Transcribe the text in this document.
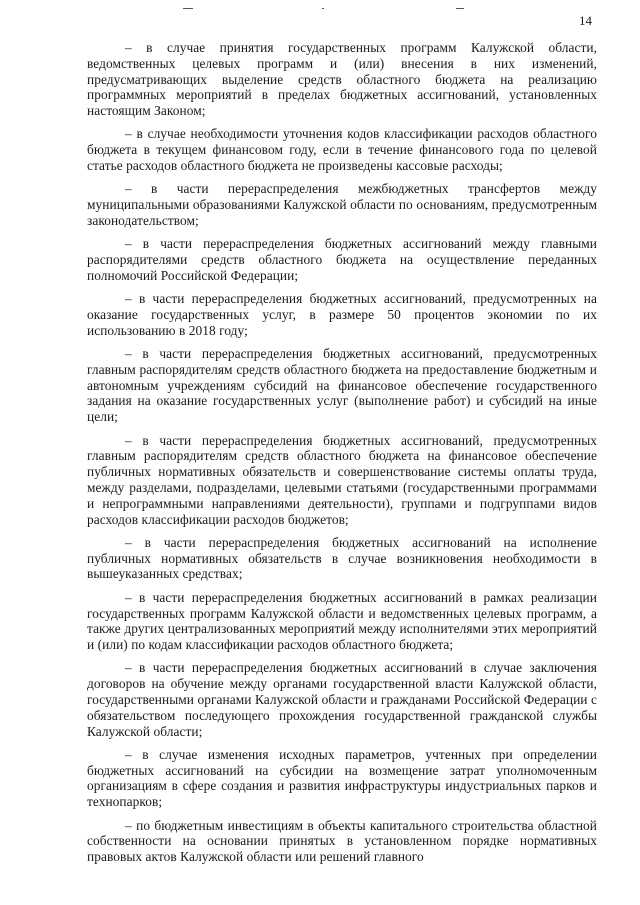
14

– в случае принятия государственных программ Калужской области, ведомственных целевых программ и (или) внесения в них изменений, предусматривающих выделение средств областного бюджета на реализацию программных мероприятий в пределах бюджетных ассигнований, установленных настоящим Законом;

– в случае необходимости уточнения кодов классификации расходов областного бюджета в текущем финансовом году, если в течение финансового года по целевой статье расходов областного бюджета не произведены кассовые расходы;

– в части перераспределения межбюджетных трансфертов между муниципальными образованиями Калужской области по основаниям, предусмотренным законодательством;

– в части перераспределения бюджетных ассигнований между главными распорядителями средств областного бюджета на осуществление переданных полномочий Российской Федерации;

– в части перераспределения бюджетных ассигнований, предусмотренных на оказание государственных услуг, в размере 50 процентов экономии по их использованию в 2018 году;

– в части перераспределения бюджетных ассигнований, предусмотренных главным распорядителям средств областного бюджета на предоставление бюджетным и автономным учреждениям субсидий на финансовое обеспечение государственного задания на оказание государственных услуг (выполнение работ) и субсидий на иные цели;

– в части перераспределения бюджетных ассигнований, предусмотренных главным распорядителям средств областного бюджета на финансовое обеспечение публичных нормативных обязательств и совершенствование системы оплаты труда, между разделами, подразделами, целевыми статьями (государственными программами и непрограммными направлениями деятельности), группами и подгруппами видов расходов классификации расходов бюджетов;

– в части перераспределения бюджетных ассигнований на исполнение публичных нормативных обязательств в случае возникновения необходимости в вышеуказанных средствах;

– в части перераспределения бюджетных ассигнований в рамках реализации государственных программ Калужской области и ведомственных целевых программ, а также других централизованных мероприятий между исполнителями этих мероприятий и (или) по кодам классификации расходов областного бюджета;

– в части перераспределения бюджетных ассигнований в случае заключения договоров на обучение между органами государственной власти Калужской области, государственными органами Калужской области и гражданами Российской Федерации с обязательством последующего прохождения государственной гражданской службы Калужской области;

– в случае изменения исходных параметров, учтенных при определении бюджетных ассигнований на субсидии на возмещение затрат уполномоченным организациям в сфере создания и развития инфраструктуры индустриальных парков и технопарков;

– по бюджетным инвестициям в объекты капитального строительства областной собственности на основании принятых в установленном порядке нормативных правовых актов Калужской области или решений главного
